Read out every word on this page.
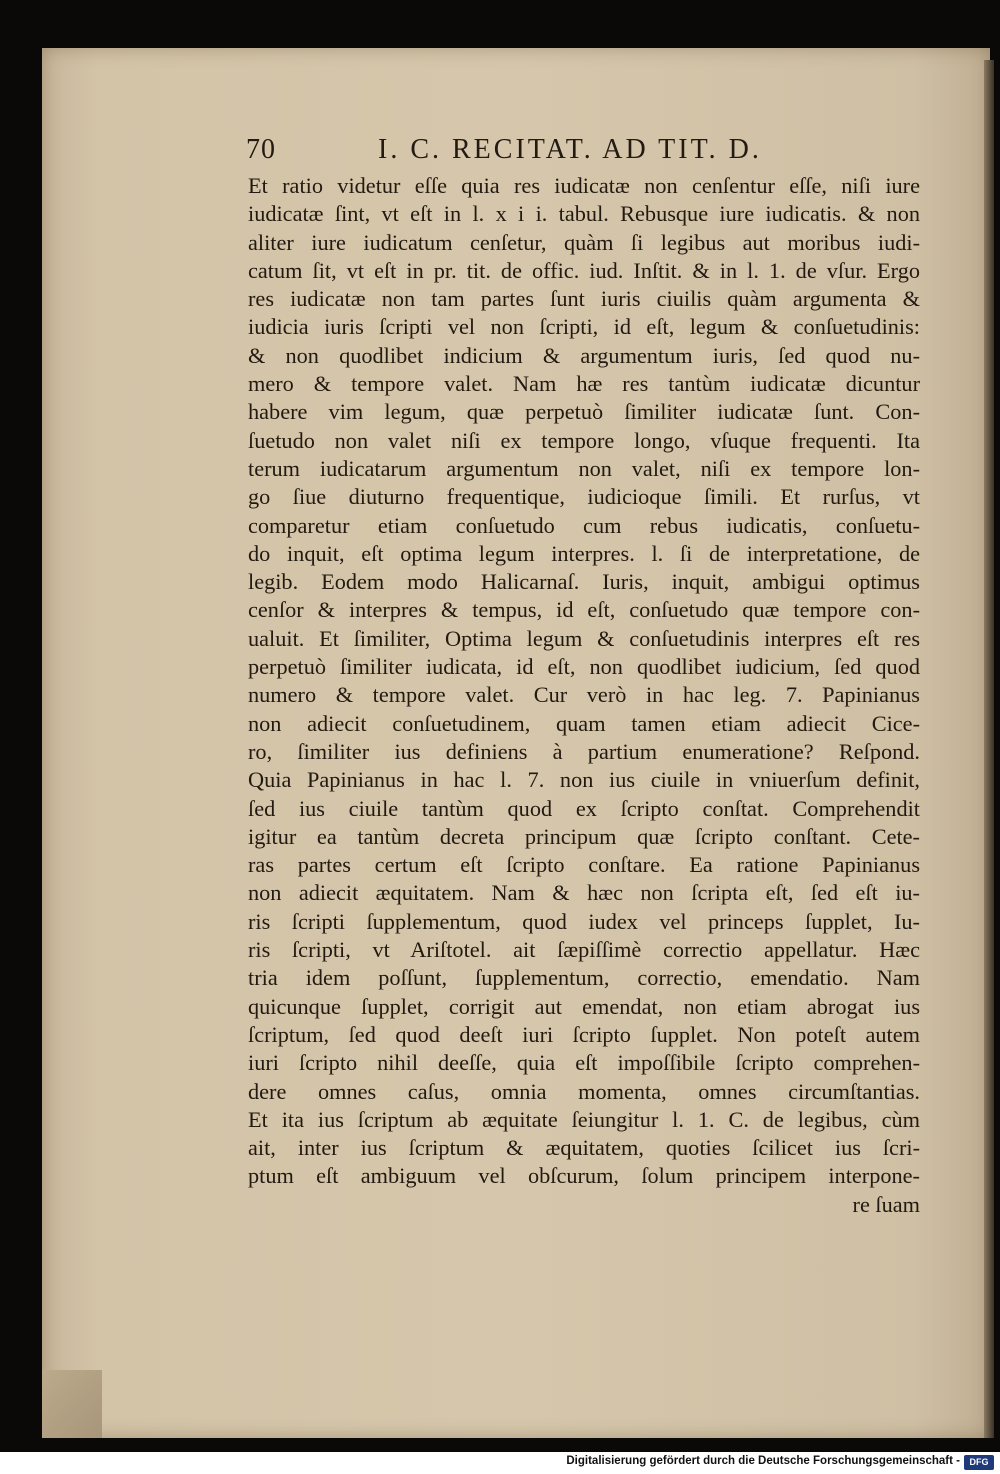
70	I. C. RECITAT. AD TIT. D.
Et ratio videtur eſſe quia res iudicatæ non cenſentur eſſe, niſi iure
iudicatæ ſint, vt eſt in l. x i i. tabul. Rebusque iure iudicatis. & non
aliter iure iudicatum cenſetur, quàm ſi legibus aut moribus iudi-
catum ſit, vt eſt in pr. tit. de offic. iud. Inſtit. & in l. 1. de vſur. Ergo
res iudicatæ non tam partes ſunt iuris ciuilis quàm argumenta &
iudicia iuris ſcripti vel non ſcripti, id eſt, legum & conſuetudinis:
& non quodlibet indicium & argumentum iuris, ſed quod nu-
mero & tempore valet. Nam hæ res tantùm iudicatæ dicuntur
habere vim legum, quæ perpetuò ſimiliter iudicatæ ſunt. Con-
ſuetudo non valet niſi ex tempore longo, vſuque frequenti. Ita
terum iudicatarum argumentum non valet, niſi ex tempore lon-
go ſiue diuturno frequentique, iudicioque ſimili. Et rurſus, vt
comparetur etiam conſuetudo cum rebus iudicatis, conſuetu-
do inquit, eſt optima legum interpres. l. ſi de interpretatione, de
legib. Eodem modo Halicarnaſ. Iuris, inquit, ambigui optimus
cenſor & interpres & tempus, id eſt, conſuetudo quæ tempore con-
ualuit. Et ſimiliter, Optima legum & conſuetudinis interpres eſt res
perpetuò ſimiliter iudicata, id eſt, non quodlibet iudicium, ſed quod
numero & tempore valet. Cur verò in hac leg. 7. Papinianus
non adiecit conſuetudinem, quam tamen etiam adiecit Cice-
ro, ſimiliter ius definiens à partium enumeratione? Reſpond.
Quia Papinianus in hac l. 7. non ius ciuile in vniuerſum definit,
ſed ius ciuile tantùm quod ex ſcripto conſtat. Comprehendit
igitur ea tantùm decreta principum quæ ſcripto conſtant. Cete-
ras partes certum eſt ſcripto conſtare. Ea ratione Papinianus
non adiecit æquitatem. Nam & hæc non ſcripta eſt, ſed eſt iu-
ris ſcripti ſupplementum, quod iudex vel princeps ſupplet, Iu-
ris ſcripti, vt Ariſtotel. ait ſæpiſſimè correctio appellatur. Hæc
tria idem poſſunt, ſupplementum, correctio, emendatio. Nam
quicunque ſupplet, corrigit aut emendat, non etiam abrogat ius
ſcriptum, ſed quod deeſt iuri ſcripto ſupplet. Non poteſt autem
iuri ſcripto nihil deeſſe, quia eſt impoſſibile ſcripto comprehen-
dere omnes caſus, omnia momenta, omnes circumſtantias.
Et ita ius ſcriptum ab æquitate ſeiungitur l. 1. C. de legibus, cùm
ait, inter ius ſcriptum & æquitatem, quoties ſcilicet ius ſcri-
ptum eſt ambiguum vel obſcurum, ſolum principem interpone-
re ſuam
Digitalisierung gefördert durch die Deutsche Forschungsgemeinschaft -	DFG
